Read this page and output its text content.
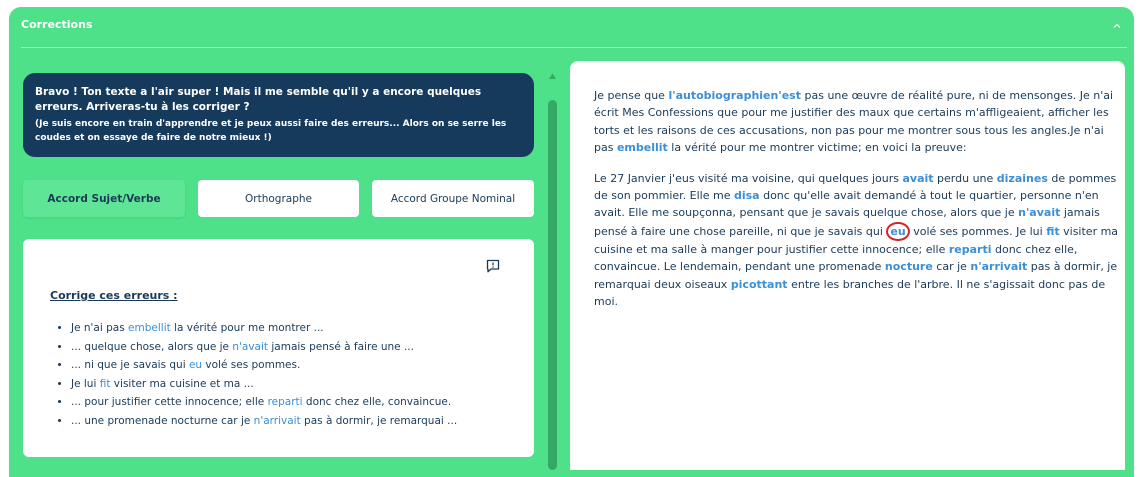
Corrections
Bravo ! Ton texte a l'air super ! Mais il me semble qu'il y a encore quelques erreurs. Arriveras-tu à les corriger ?
(Je suis encore en train d'apprendre et je peux aussi faire des erreurs... Alors on se serre les coudes et on essaye de faire de notre mieux !)
Accord Sujet/Verbe	Orthographe	Accord Groupe Nominal
Corrige ces erreurs :
• Je n'ai pas embellit la vérité pour me montrer ...
• ... quelque chose, alors que je n'avait jamais pensé à faire une ...
• ... ni que je savais qui eu volé ses pommes.
• Je lui fit visiter ma cuisine et ma ...
• ... pour justifier cette innocence; elle reparti donc chez elle, convaincue.
• ... une promenade nocturne car je n'arrivait pas à dormir, je remarquai ...

Je pense que l'autobiographien'est pas une œuvre de réalité pure, ni de mensonges. Je n'ai écrit Mes Confessions que pour me justifier des maux que certains m'affligeaient, afficher les torts et les raisons de ces accusations, non pas pour me montrer sous tous les angles.Je n'ai pas embellit la vérité pour me montrer victime; en voici la preuve:

Le 27 Janvier j'eus visité ma voisine, qui quelques jours avait perdu une dizaines de pommes de son pommier. Elle me disa donc qu'elle avait demandé à tout le quartier, personne n'en avait. Elle me soupçonna, pensant que je savais quelque chose, alors que je n'avait jamais pensé à faire une chose pareille, ni que je savais qui eu volé ses pommes. Je lui fit visiter ma cuisine et ma salle à manger pour justifier cette innocence; elle reparti donc chez elle, convaincue. Le lendemain, pendant une promenade nocture car je n'arrivait pas à dormir, je remarquai deux oiseaux picottant entre les branches de l'arbre. Il ne s'agissait donc pas de moi.
